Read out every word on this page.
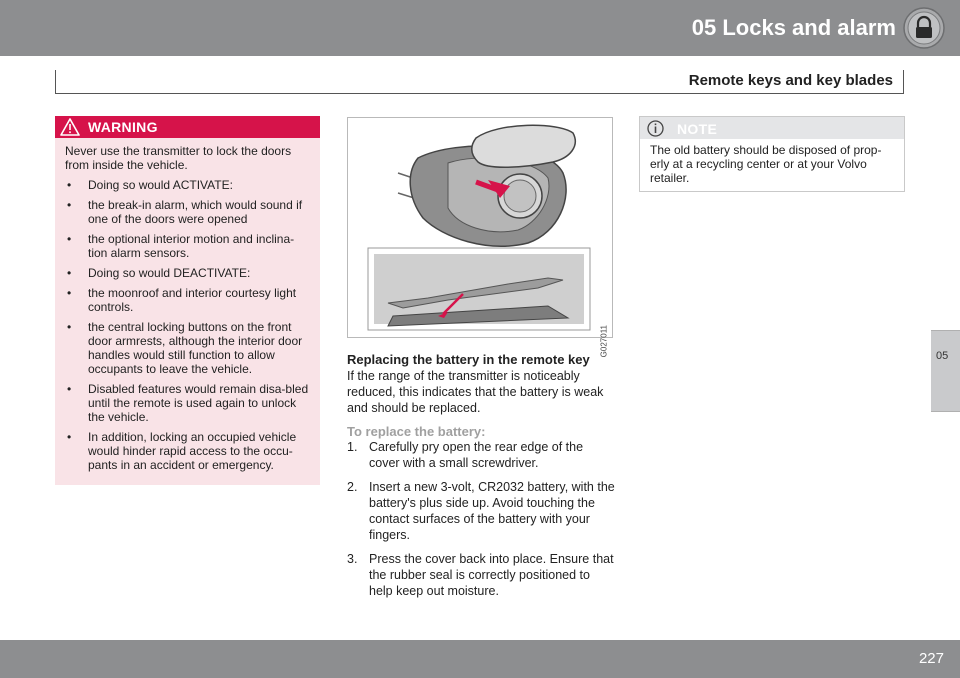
05 Locks and alarm
Remote keys and key blades
05
WARNING

Never use the transmitter to lock the doors from inside the vehicle.

• Doing so would ACTIVATE:
• the break-in alarm, which would sound if one of the doors were opened
• the optional interior motion and inclina-tion alarm sensors.
• Doing so would DEACTIVATE:
• the moonroof and interior courtesy light controls.
• the central locking buttons on the front door armrests, although the interior door handles would still function to allow occupants to leave the vehicle.
• Disabled features would remain disa-bled until the remote is used again to unlock the vehicle.
• In addition, locking an occupied vehicle would hinder rapid access to the occu-pants in an accident or emergency.
G027011
Replacing the battery in the remote key

If the range of the transmitter is noticeably reduced, this indicates that the battery is weak and should be replaced.

To replace the battery:
1. Carefully pry open the rear edge of the cover with a small screwdriver.
2. Insert a new 3-volt, CR2032 battery, with the battery's plus side up. Avoid touching the contact surfaces of the battery with your fingers.
3. Press the cover back into place. Ensure that the rubber seal is correctly positioned to help keep out moisture.
NOTE
The old battery should be disposed of prop-erly at a recycling center or at your Volvo retailer.
227
